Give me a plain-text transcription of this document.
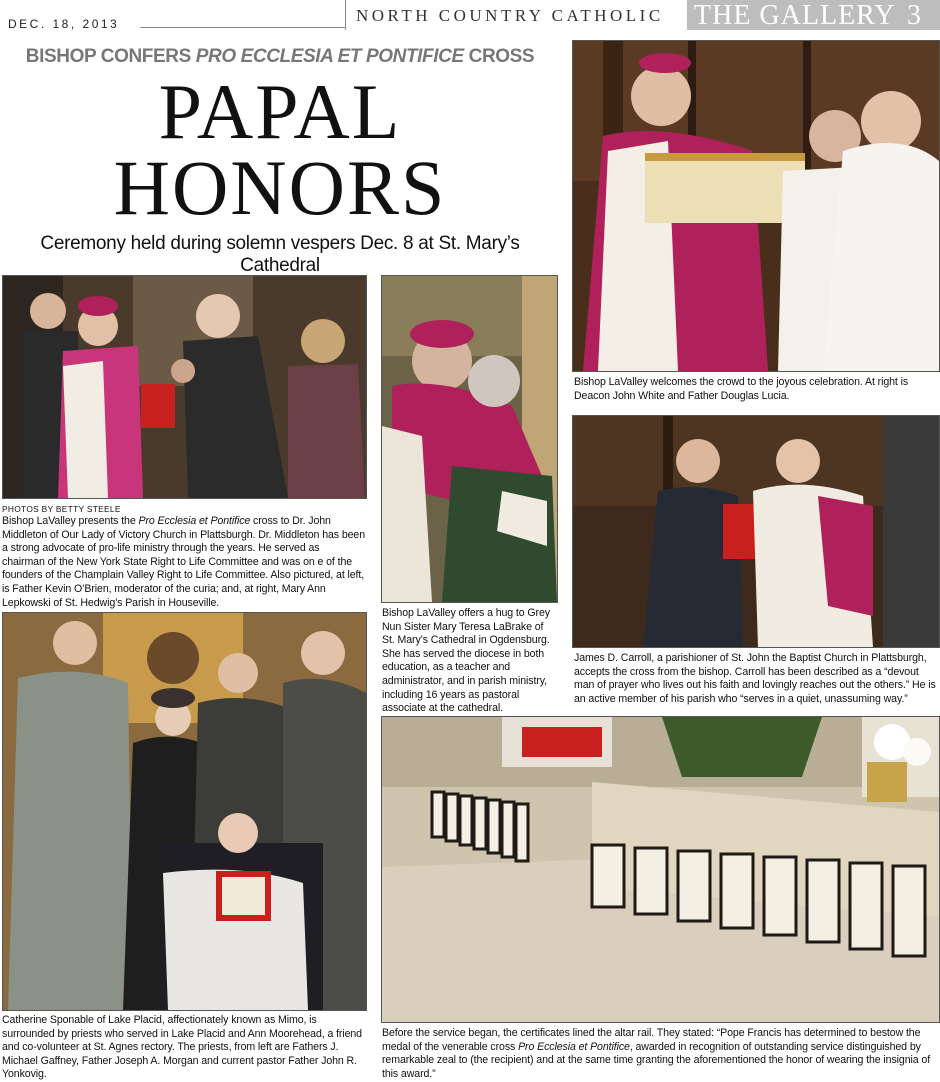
DEC. 18, 2013	NORTH COUNTRY CATHOLIC	THE GALLERY 3
BISHOP CONFERS PRO ECCLESIA ET PONTIFICE CROSS
PAPAL
HONORS
Ceremony held during solemn vespers Dec. 8 at St. Mary’s Cathedral
PHOTOS BY BETTY STEELE
Bishop LaValley presents the Pro Ecclesia et Pontifice cross to Dr. John Middleton of Our Lady of Victory Church in Plattsburgh. Dr. Middleton has been a strong advocate of pro-life ministry through the years. He served as chairman of the New York State Right to Life Committee and was on e of the founders of the Champlain Valley Right to Life Committee. Also pictured, at left, is Father Kevin O’Brien, moderator of the curia; and, at right, Mary Ann Lepkowski of St. Hedwig’s Parish in Houseville.
Bishop LaValley offers a hug to Grey Nun Sister Mary Teresa LaBrake of St. Mary’s Cathedral in Ogdensburg. She has served the diocese in both education, as a teacher and administrator, and in parish ministry, including 16 years as pastoral associate at the cathedral.
Bishop LaValley welcomes the crowd to the joyous celebration. At right is Deacon John White and Father Douglas Lucia.
James D. Carroll, a parishioner of St. John the Baptist Church in Plattsburgh, accepts the cross from the bishop. Carroll has been described as a “devout man of prayer who lives out his faith and lovingly reaches out the others.” He is an active member of his parish who “serves in a quiet, unassuming way.”
Catherine Sponable of Lake Placid, affectionately known as Mimo, is surrounded by priests who served in Lake Placid and Ann Moorehead, a friend and co-volunteer at St. Agnes rectory. The priests, from left are Fathers J. Michael Gaffney, Father Joseph A. Morgan and current pastor Father John R. Yonkovig.
Before the service began, the certificates lined the altar rail. They stated: “Pope Francis has determined to bestow the medal of the venerable cross Pro Ecclesia et Pontifice, awarded in recognition of outstanding service distinguished by remarkable zeal to (the recipient) and at the same time granting the aforementioned the honor of wearing the insignia of this award.”
